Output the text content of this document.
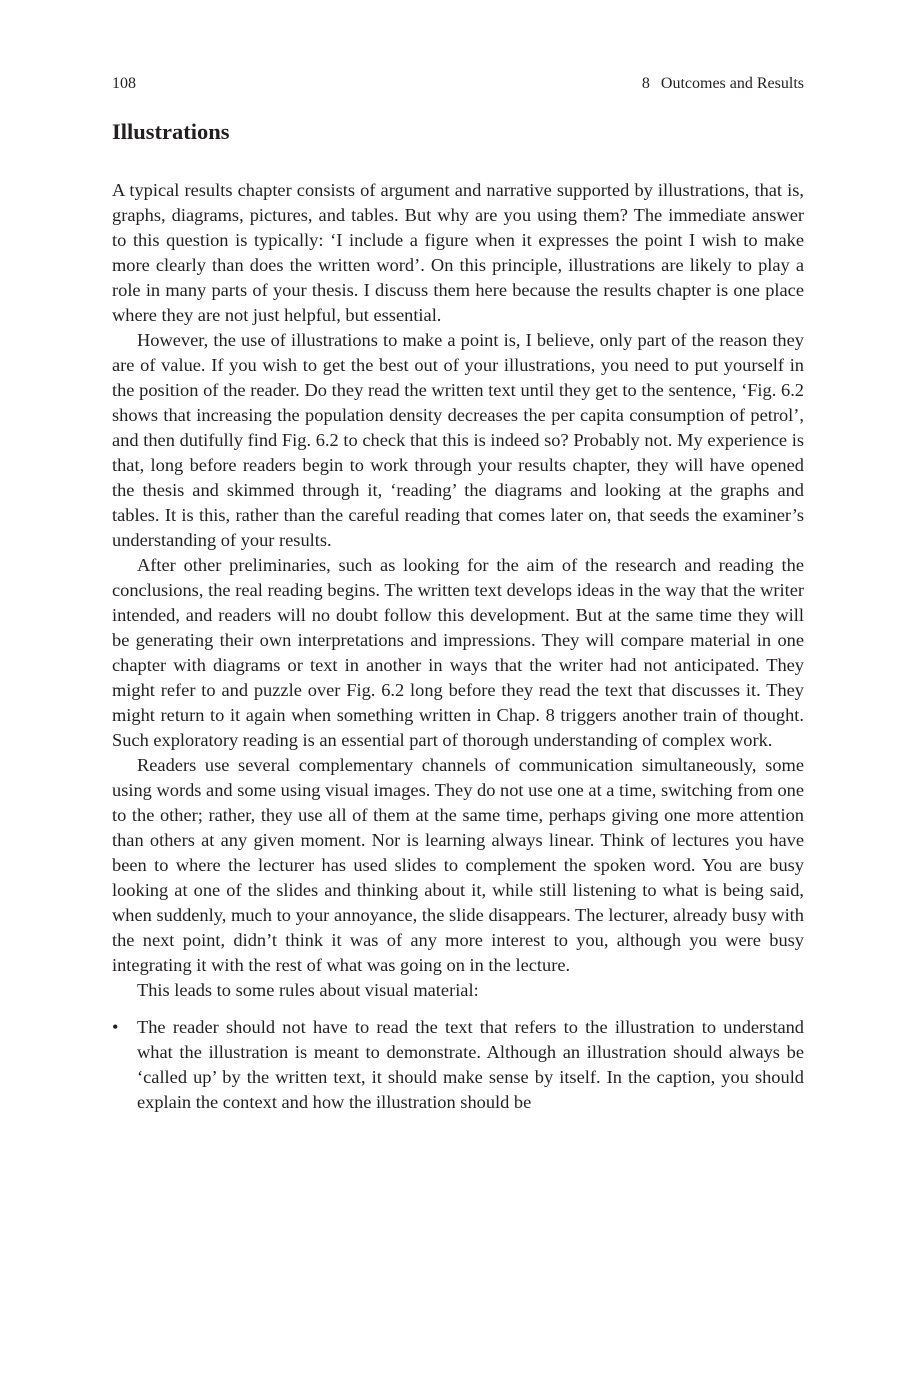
108	8 Outcomes and Results
Illustrations

A typical results chapter consists of argument and narrative supported by illustrations, that is, graphs, diagrams, pictures, and tables. But why are you using them? The immediate answer to this question is typically: ‘I include a figure when it expresses the point I wish to make more clearly than does the written word’. On this principle, illustrations are likely to play a role in many parts of your thesis. I discuss them here because the results chapter is one place where they are not just helpful, but essential.

However, the use of illustrations to make a point is, I believe, only part of the reason they are of value. If you wish to get the best out of your illustrations, you need to put yourself in the position of the reader. Do they read the written text until they get to the sentence, ‘Fig. 6.2 shows that increasing the population density decreases the per capita consumption of petrol’, and then dutifully find Fig. 6.2 to check that this is indeed so? Probably not. My experience is that, long before readers begin to work through your results chapter, they will have opened the thesis and skimmed through it, ‘reading’ the diagrams and looking at the graphs and tables. It is this, rather than the careful reading that comes later on, that seeds the examiner’s understanding of your results.

After other preliminaries, such as looking for the aim of the research and reading the conclusions, the real reading begins. The written text develops ideas in the way that the writer intended, and readers will no doubt follow this development. But at the same time they will be generating their own interpretations and impressions. They will compare material in one chapter with diagrams or text in another in ways that the writer had not anticipated. They might refer to and puzzle over Fig. 6.2 long before they read the text that discusses it. They might return to it again when something written in Chap. 8 triggers another train of thought. Such exploratory reading is an essential part of thorough understanding of complex work.

Readers use several complementary channels of communication simultaneously, some using words and some using visual images. They do not use one at a time, switching from one to the other; rather, they use all of them at the same time, perhaps giving one more attention than others at any given moment. Nor is learning always linear. Think of lectures you have been to where the lecturer has used slides to complement the spoken word. You are busy looking at one of the slides and thinking about it, while still listening to what is being said, when suddenly, much to your annoyance, the slide disappears. The lecturer, already busy with the next point, didn’t think it was of any more interest to you, although you were busy integrating it with the rest of what was going on in the lecture.

This leads to some rules about visual material:

• The reader should not have to read the text that refers to the illustration to understand what the illustration is meant to demonstrate. Although an illustration should always be ‘called up’ by the written text, it should make sense by itself. In the caption, you should explain the context and how the illustration should be
